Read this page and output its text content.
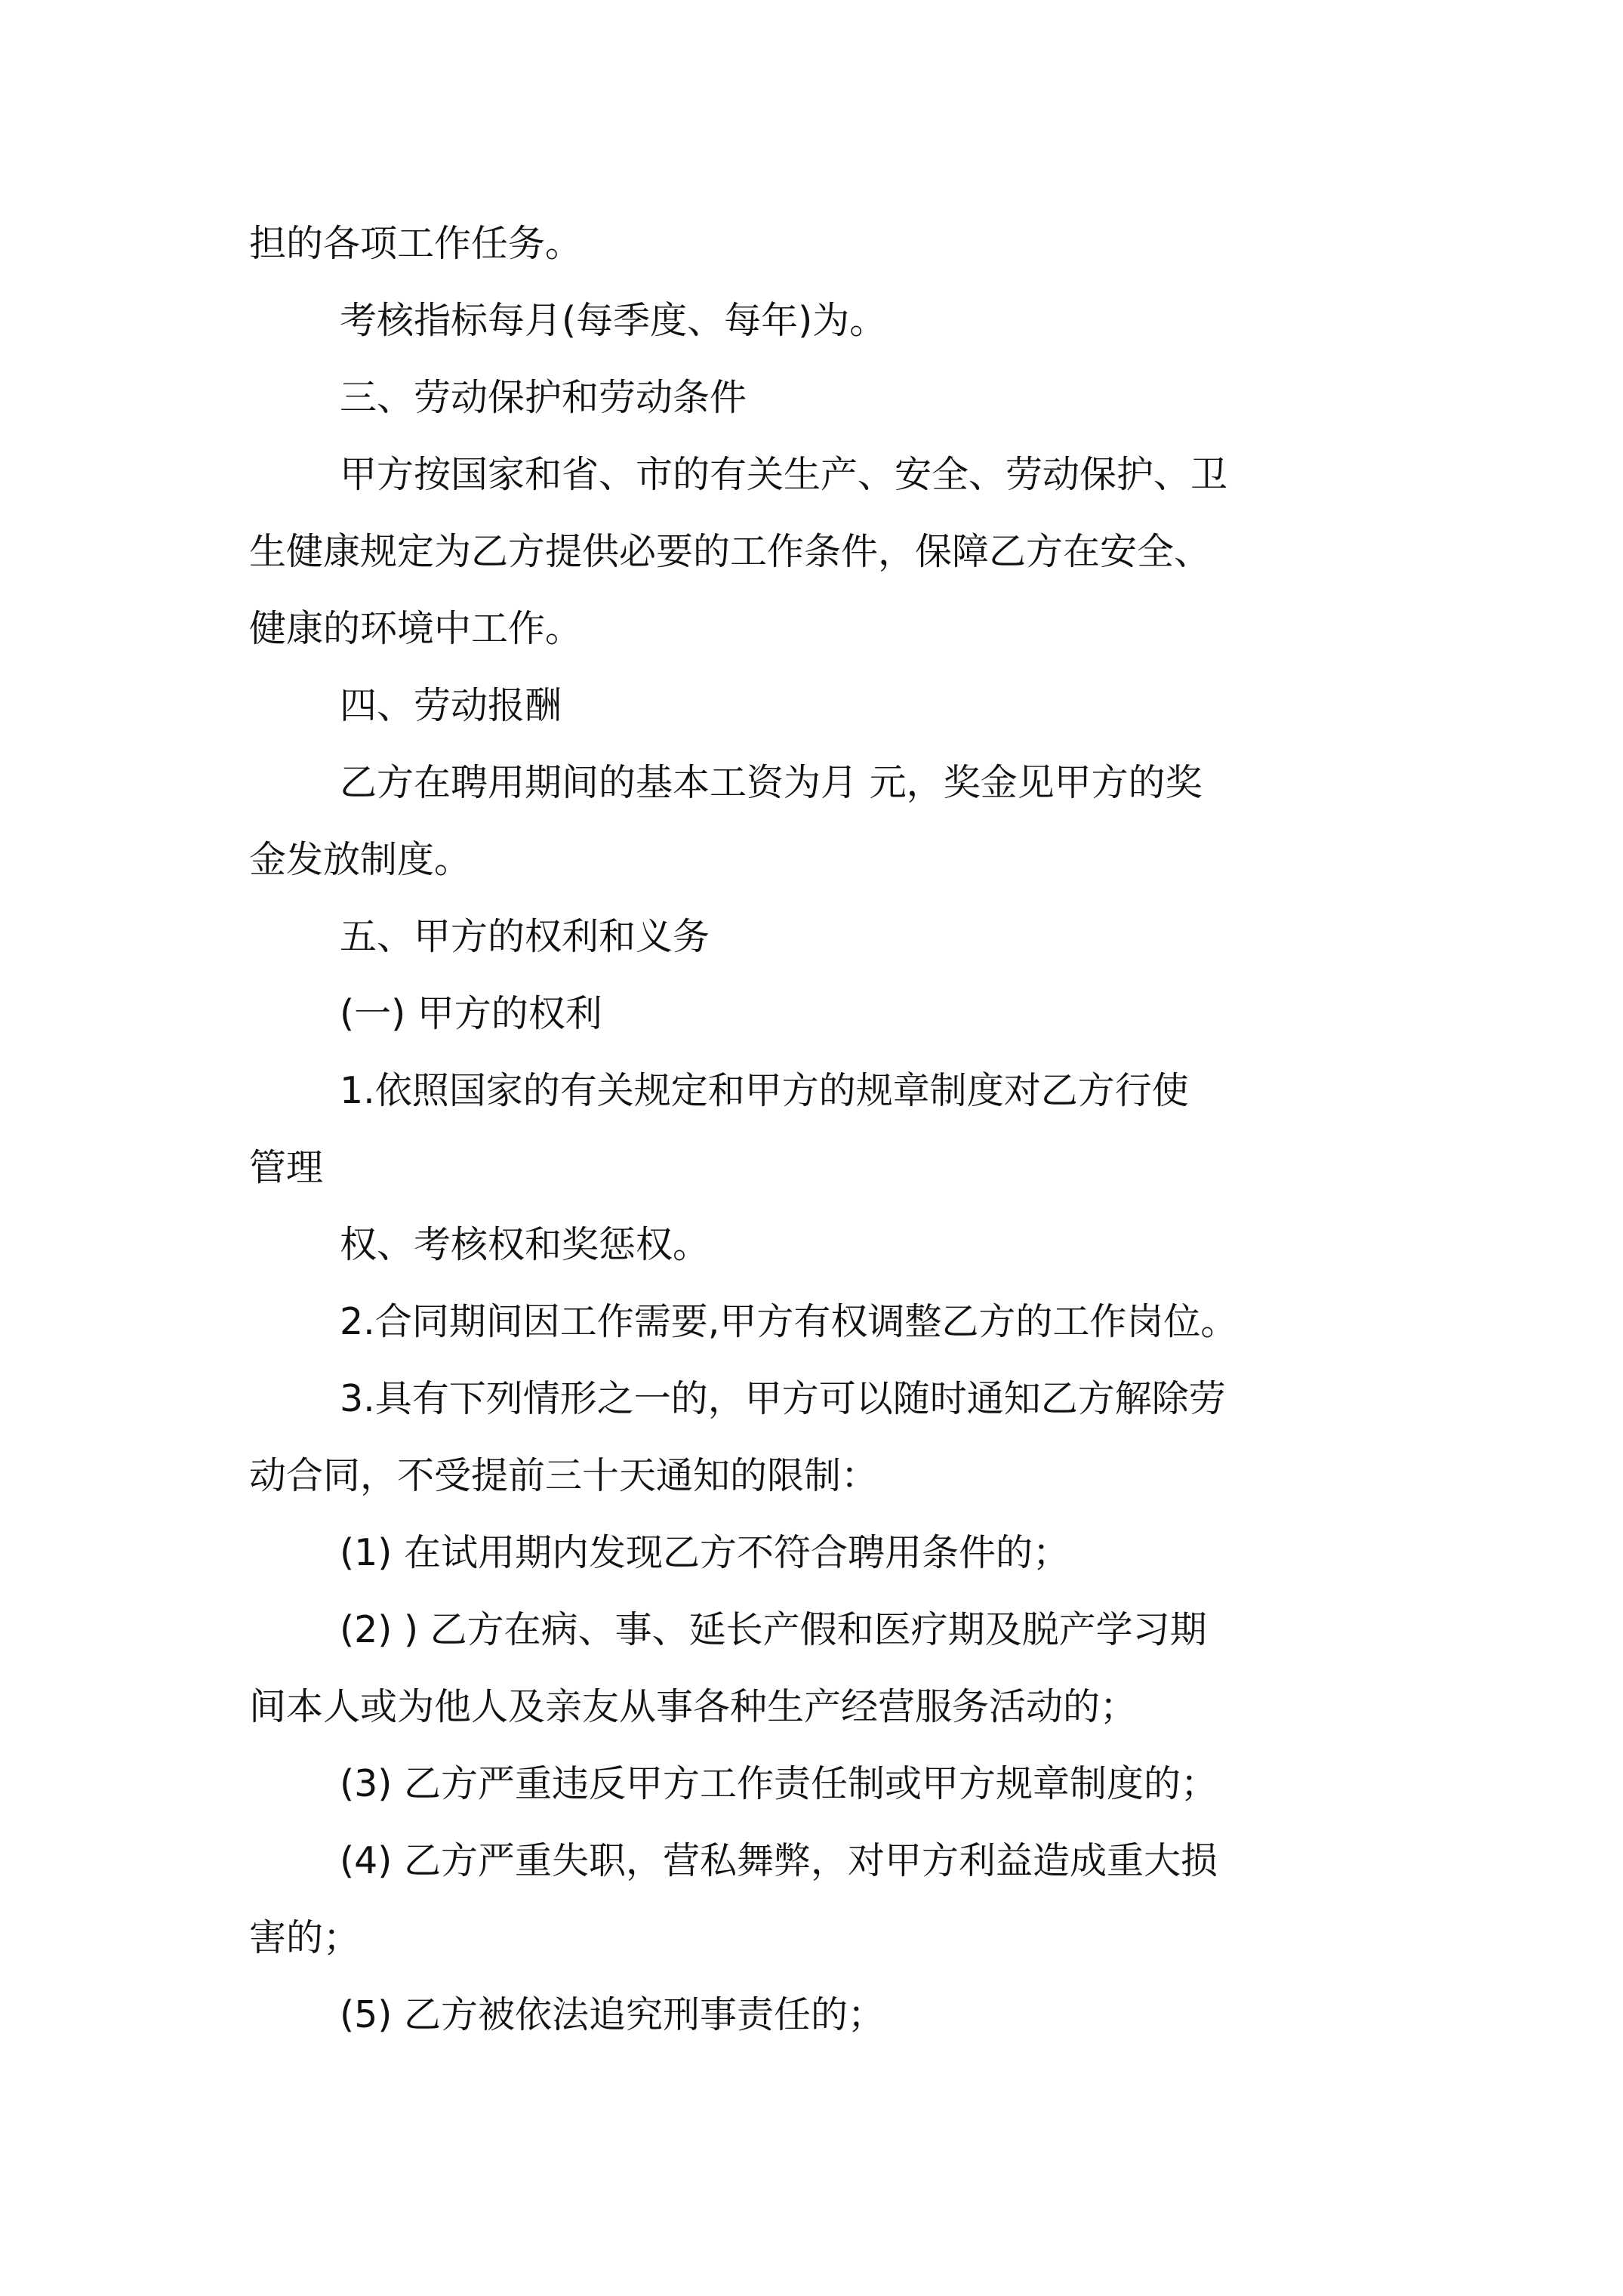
担的各项工作任务。
考核指标每月(每季度、每年)为。
三、劳动保护和劳动条件
甲方按国家和省、市的有关生产、安全、劳动保护、卫
生健康规定为乙方提供必要的工作条件，保障乙方在安全、
健康的环境中工作。
四、劳动报酬
乙方在聘用期间的基本工资为月 元，奖金见甲方的奖
金发放制度。
五、甲方的权利和义务
(一) 甲方的权利
1.依照国家的有关规定和甲方的规章制度对乙方行使
管理
权、考核权和奖惩权。
2.合同期间因工作需要,甲方有权调整乙方的工作岗位。
3.具有下列情形之一的，甲方可以随时通知乙方解除劳
动合同，不受提前三十天通知的限制：
(1) 在试用期内发现乙方不符合聘用条件的；
(2) ) 乙方在病、事、延长产假和医疗期及脱产学习期
间本人或为他人及亲友从事各种生产经营服务活动的；
(3) 乙方严重违反甲方工作责任制或甲方规章制度的；
(4) 乙方严重失职，营私舞弊，对甲方利益造成重大损
害的；
(5) 乙方被依法追究刑事责任的；
